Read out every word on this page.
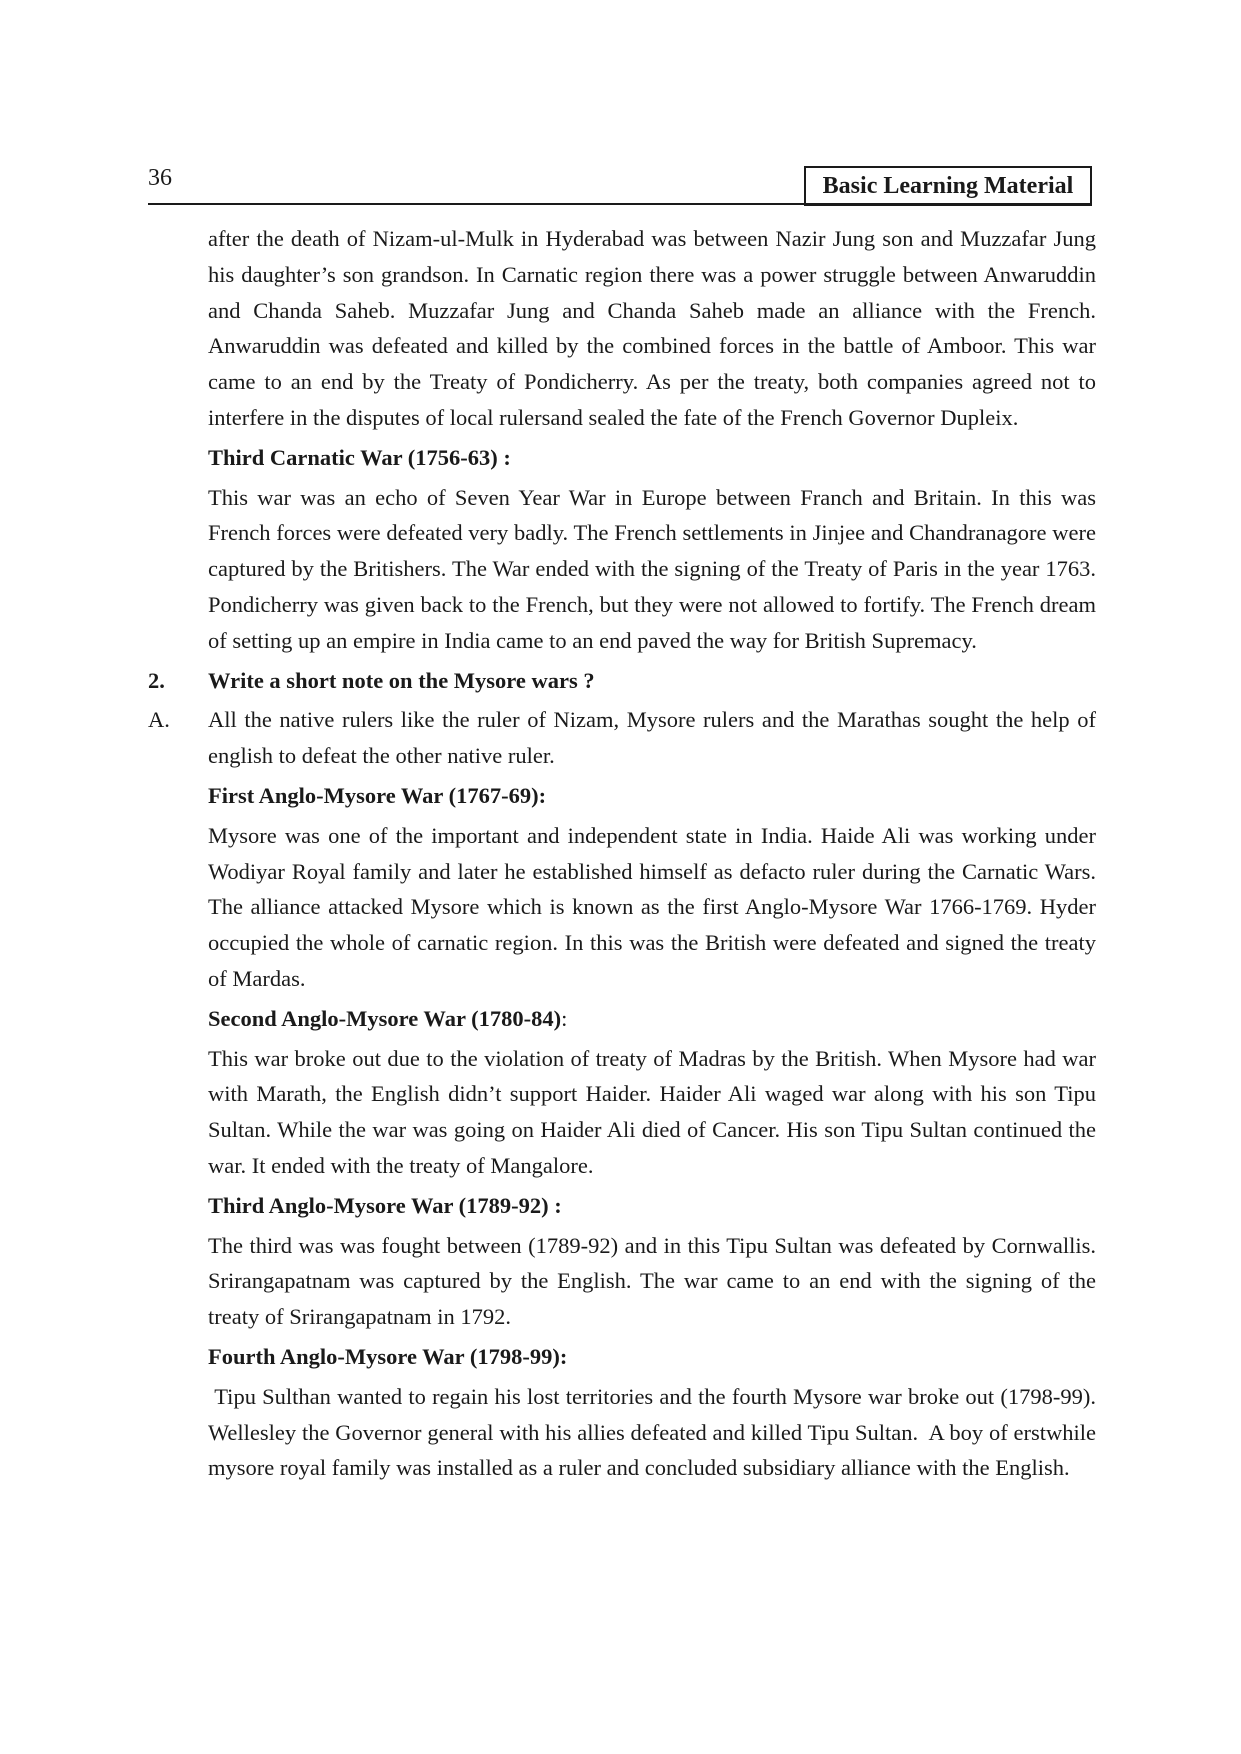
36	Basic Learning Material

after the death of Nizam-ul-Mulk in Hyderabad was between Nazir Jung son and Muzzafar Jung his daughter’s son grandson. In Carnatic region there was a power struggle between Anwaruddin and Chanda Saheb. Muzzafar Jung and Chanda Saheb made an alliance with the French. Anwaruddin was defeated and killed by the combined forces in the battle of Amboor. This war came to an end by the Treaty of Pondicherry. As per the treaty, both companies agreed not to interfere in the disputes of local rulersand sealed the fate of the French Governor Dupleix.

Third Carnatic War (1756-63) :

This war was an echo of Seven Year War in Europe between Franch and Britain. In this was French forces were defeated very badly. The French settlements in Jinjee and Chandranagore were captured by the Britishers. The War ended with the signing of the Treaty of Paris in the year 1763. Pondicherry was given back to the French, but they were not allowed to fortify. The French dream of setting up an empire in India came to an end paved the way for British Supremacy.

2.	Write a short note on the Mysore wars ?
A.	All the native rulers like the ruler of Nizam, Mysore rulers and the Marathas sought the help of english to defeat the other native ruler.
First Anglo-Mysore War (1767-69):

Mysore was one of the important and independent state in India. Haide Ali was working under Wodiyar Royal family and later he established himself as defacto ruler during the Carnatic Wars. The alliance attacked Mysore which is known as the first Anglo-Mysore War 1766-1769. Hyder occupied the whole of carnatic region. In this was the British were defeated and signed the treaty of Mardas.

Second Anglo-Mysore War (1780-84):

This war broke out due to the violation of treaty of Madras by the British. When Mysore had war with Marath, the English didn’t support Haider. Haider Ali waged war along with his son Tipu Sultan. While the war was going on Haider Ali died of Cancer. His son Tipu Sultan continued the war. It ended with the treaty of Mangalore.

Third Anglo-Mysore War (1789-92) :

The third was was fought between (1789-92) and in this Tipu Sultan was defeated by Cornwallis. Srirangapatnam was captured by the English. The war came to an end with the signing of the treaty of Srirangapatnam in 1792.

Fourth Anglo-Mysore War (1798-99):

Tipu Sulthan wanted to regain his lost territories and the fourth Mysore war broke out (1798-99). Wellesley the Governor general with his allies defeated and killed Tipu Sultan.  A boy of erstwhile mysore royal family was installed as a ruler and concluded subsidiary alliance with the English.
